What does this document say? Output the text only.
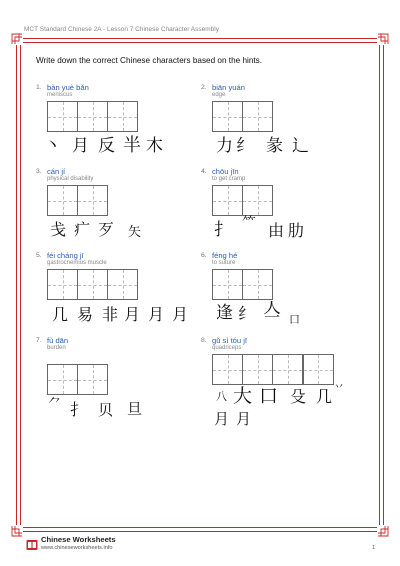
MCT Standard Chinese 2A - Lesson 7 Chinese Character Assembly
Write down the correct Chinese characters based on the hints.
1. bàn yuè bǎn
meniscus
丶 月 反 半 木
2. biān yuán
edge
力 纟 彖 辶
3. cán jí
physical disability
戋 疒 歹 矢
4. chōu jīn
to get cramp
扌 ⺮ 由 肋
5. féi cháng jī
gastrocnemius muscle
几 易 非 月 月 月
6. féng hé
to suture
逢 纟 亼 口
7. fù dān
burden
⺈ 扌 贝 旦
8. gǔ sì tóu jī
quadriceps
八 大 口 殳 几 丷
月 月
Chinese Worksheets
www.chineseworksheets.info	1
